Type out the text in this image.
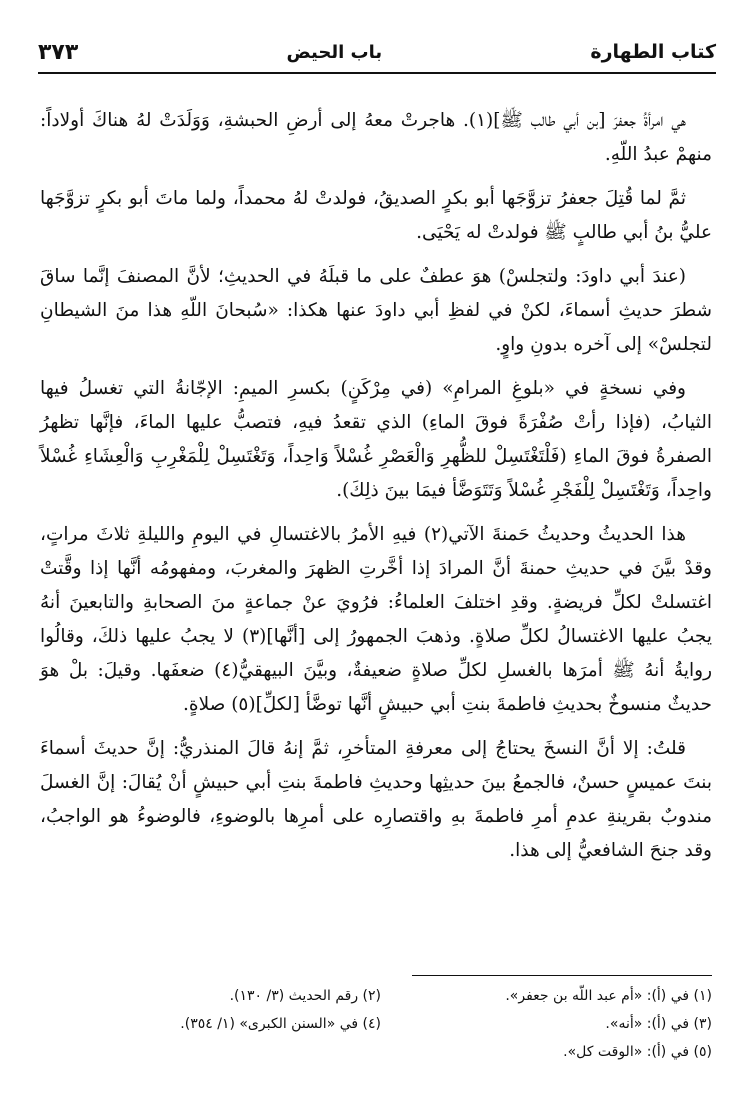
كتاب الطهارة
باب الحيض
٣٧٣

هي امرأةُ جعفرَ [بن أبي طالب ﷺ](١). هاجرتْ معهُ إلى أرضِ الحبشةِ، وَوَلَدَتْ لهُ هناكَ أولاداً: منهمْ عبدُ اللّهِ.

ثمَّ لما قُتِلَ جعفرُ تزوَّجَها أبو بكرٍ الصديقُ، فولدتْ لهُ محمداً، ولما ماتَ أبو بكرٍ تزوَّجَها عليُّ بنُ أبي طالبٍ ﷺ فولدتْ له يَحْيَى.

(عندَ أبي داودَ: ولتجلسْ) هوَ عطفٌ على ما قبلَهُ في الحديثِ؛ لأنَّ المصنفَ إنَّما ساقَ شطرَ حديثِ أسماءَ، لكنْ في لفظِ أبي داودَ عنها هكذا: «سُبحانَ اللّهِ هذا منَ الشيطانِ لتجلسْ» إلى آخره بدونِ واوٍ.

وفي نسخةٍ في «بلوغِ المرامِ» (في مِرْكَنٍ) بكسرِ الميمِ: الإجّانةُ التي تغسلُ فيها الثيابُ، (فإذا رأتْ صُفْرَةً فوقَ الماءِ) الذي تقعدُ فيهِ، فتصبُّ عليها الماءَ، فإنَّها تظهرُ الصفرةُ فوقَ الماءِ (فَلْتَغْتَسِلْ للظُّهرِ وَالْعَصْرِ غُسْلاً وَاحِداً، وَتَغْتَسِلْ لِلْمَغْرِبِ وَالْعِشَاءِ غُسْلاً واحِداً، وَتَغْتَسِلْ لِلْفَجْرِ غُسْلاً وَتَتَوَضَّأ فيمَا بينَ ذلِكَ).

هذا الحديثُ وحديثُ حَمنةَ الآتي(٢) فيهِ الأمرُ بالاغتسالِ في اليومِ والليلةِ ثلاثَ مراتٍ، وقدْ بيَّنَ في حديثِ حمنةَ أنَّ المرادَ إذا أخَّرتِ الظهرَ والمغربَ، ومفهومُه أنَّها إذا وقَّتتْ اغتسلتْ لكلِّ فريضةٍ. وقدِ اختلفَ العلماءُ: فرُويَ عنْ جماعةٍ منَ الصحابةِ والتابعينَ أنهُ يجبُ عليها الاغتسالُ لكلِّ صلاةٍ. وذهبَ الجمهورُ إلى [أنَّها](٣) لا يجبُ عليها ذلكَ، وقالُوا روايةُ أنهُ ﷺ أمرَها بالغسلِ لكلِّ صلاةٍ ضعيفةٌ، وبيَّنَ البيهقيُّ(٤) ضعفَها. وقيلَ: بلْ هوَ حديثٌ منسوخٌ بحديثِ فاطمةَ بنتِ أبي حبيشٍ أنَّها توضَّأ [لكلِّ](٥) صلاةٍ.

قلتُ: إلا أنَّ النسخَ يحتاجُ إلى معرفةِ المتأخرِ، ثمَّ إنهُ قالَ المنذريُّ: إنَّ حديثَ أسماءَ بنتَ عميسٍ حسنٌ، فالجمعُ بينَ حديثِها وحديثِ فاطمةَ بنتِ أبي حبيشٍ أنْ يُقالَ: إنَّ الغسلَ مندوبٌ بقرينةِ عدمِ أمرِ فاطمةَ بهِ واقتصارِه على أمرِها بالوضوءِ، فالوضوءُ هو الواجبُ، وقد جنحَ الشافعيُّ إلى هذا.

(١) في (أ): «أم عبد اللّه بن جعفر».
(٢) رقم الحديث (٣/ ١٣٠).
(٣) في (أ): «أنه».
(٤) في «السنن الكبرى» (١/ ٣٥٤).
(٥) في (أ): «الوقت كل».
